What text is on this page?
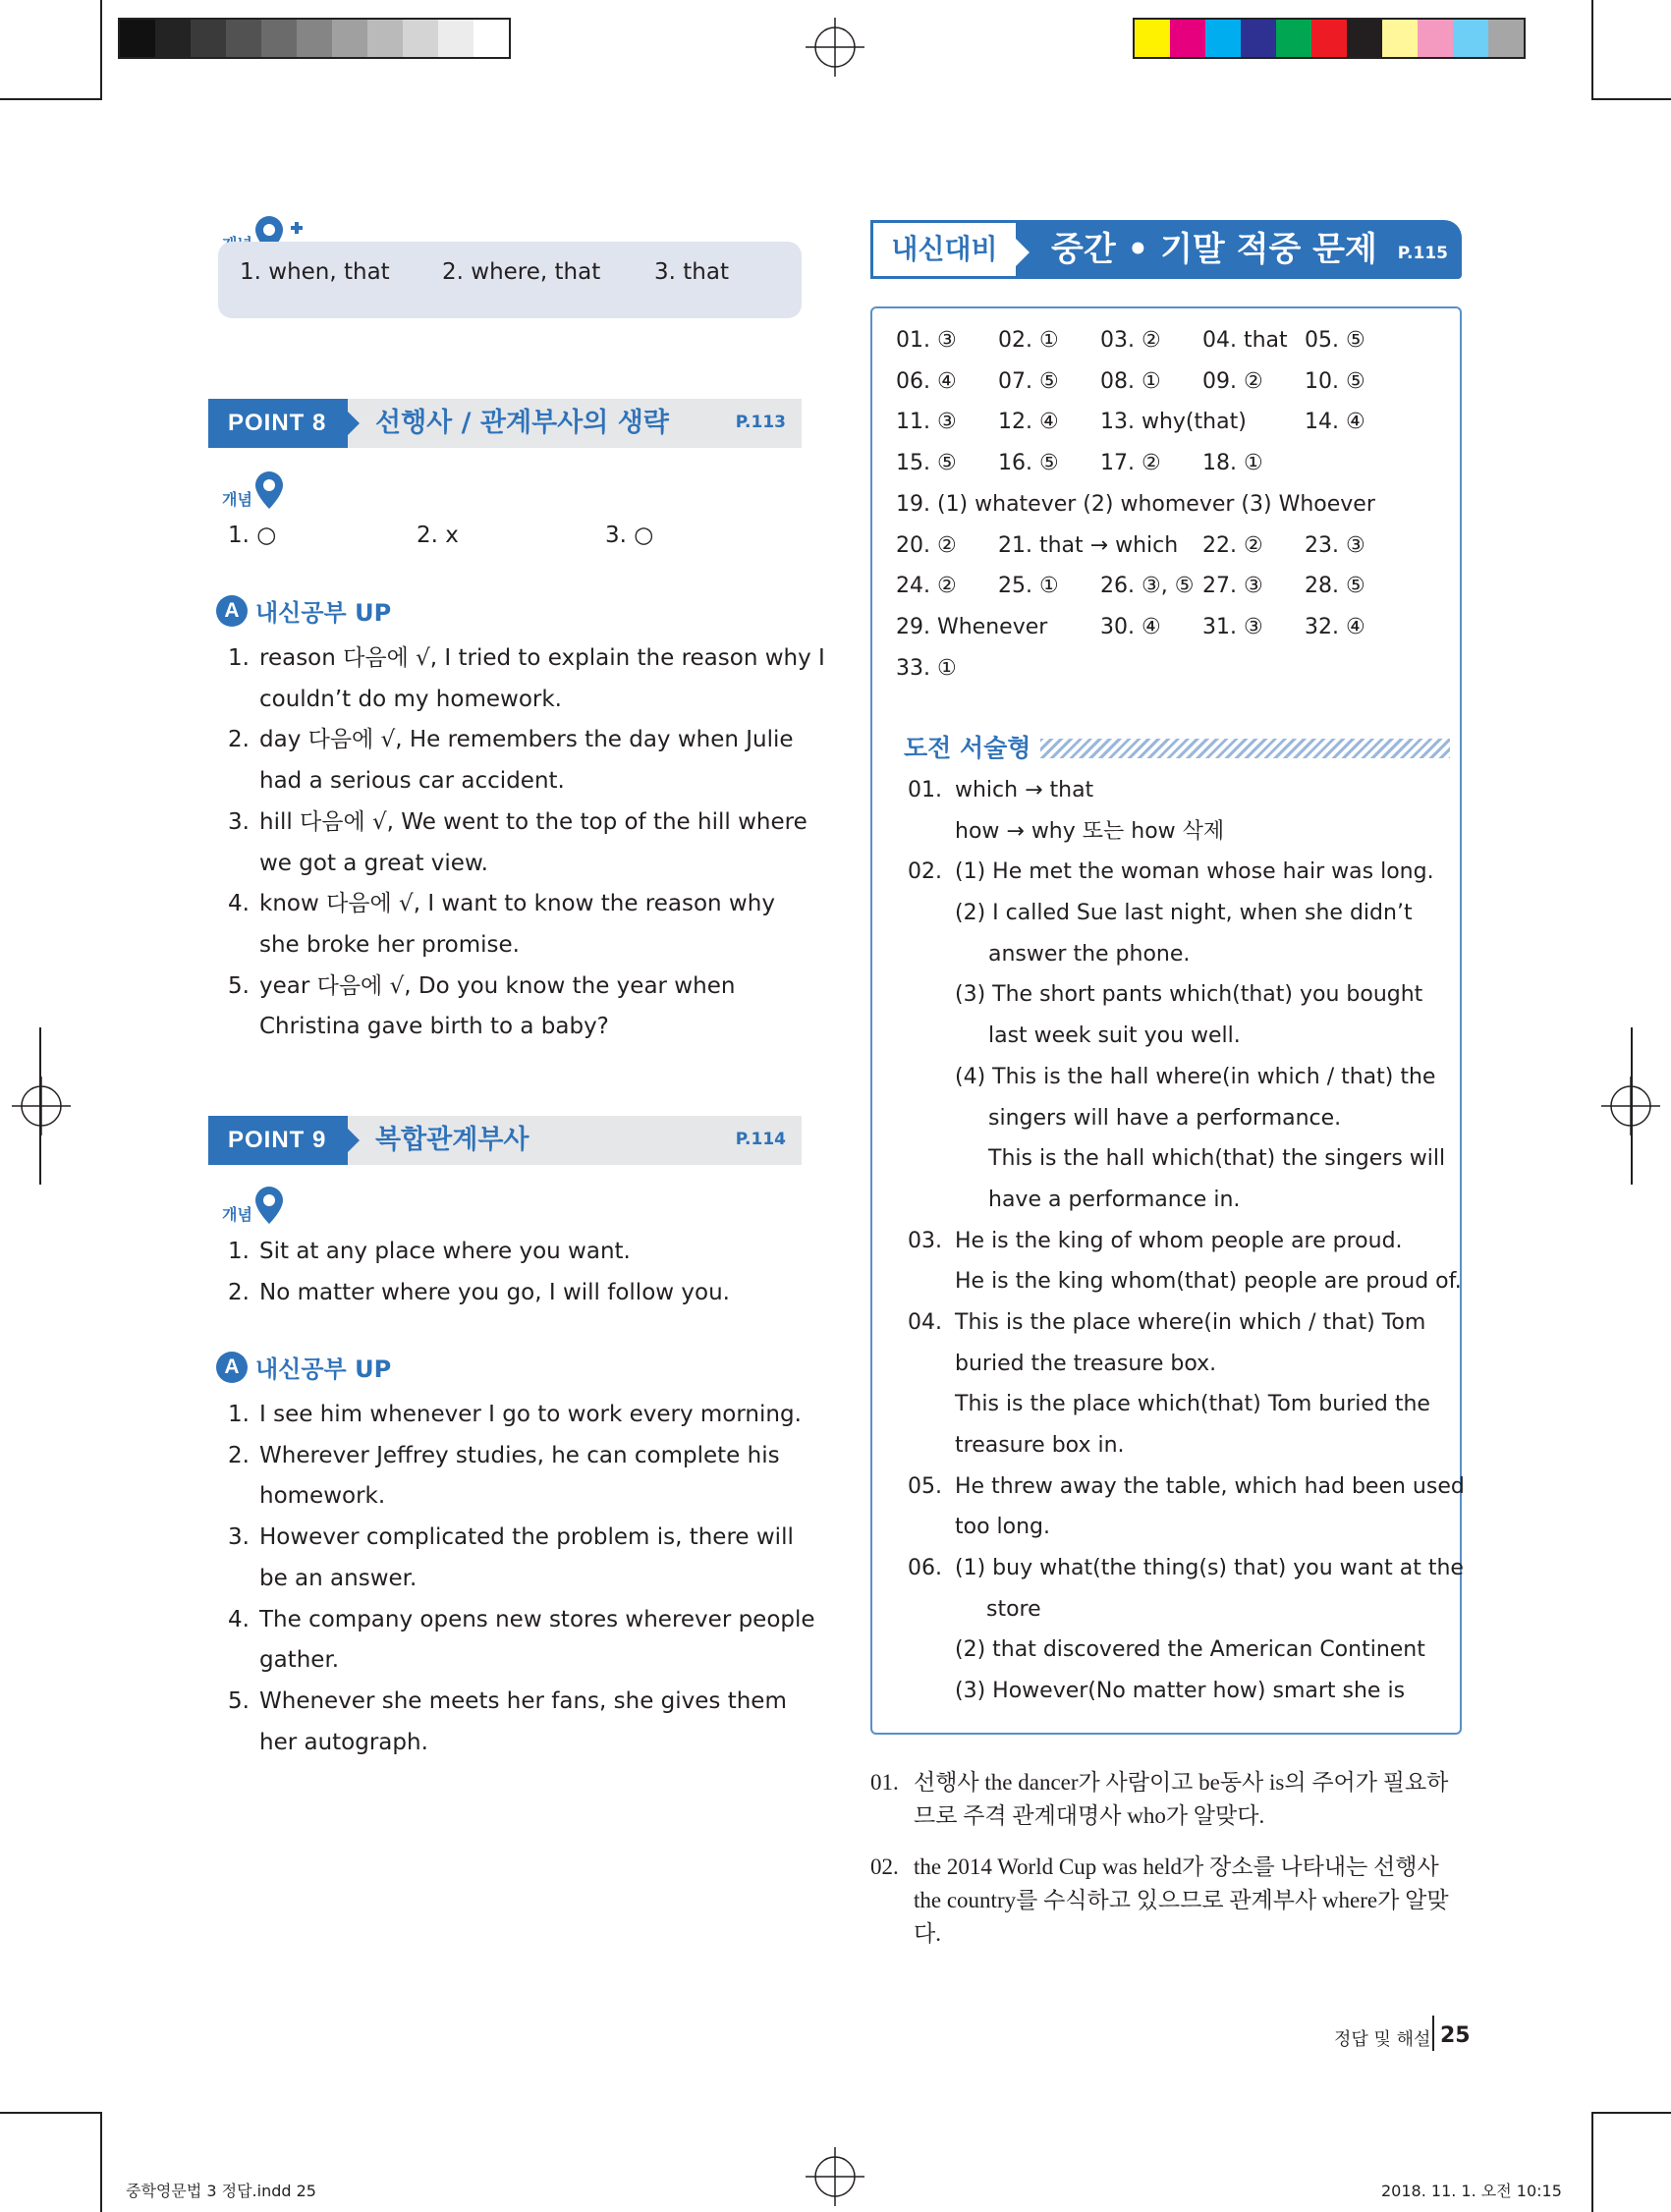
1. when, that 2. where, that 3. that
POINT 8	선행사 / 관계부사의 생략	P.113
개념
1. ○	2. x	3. ○
A 내신공부 UP
1. reason 다음에 √, I tried to explain the reason why I
couldn’t do my homework.
2. day 다음에 √, He remembers the day when Julie
had a serious car accident.
3. hill 다음에 √, We went to the top of the hill where
we got a great view.
4. know 다음에 √, I want to know the reason why
she broke her promise.
5. year 다음에 √, Do you know the year when
Christina gave birth to a baby?
POINT 9	복합관계부사	P.114
개념
1. Sit at any place where you want.
2. No matter where you go, I will follow you.
A 내신공부 UP
1. I see him whenever I go to work every morning.
2. Wherever Jeffrey studies, he can complete his
homework.
3. However complicated the problem is, there will
be an answer.
4. The company opens new stores wherever people
gather.
5. Whenever she meets her fans, she gives them
her autograph.
내신대비	중간 • 기말 적중 문제 P.115
01. ③ 02. ① 03. ② 04. that 05. ⑤
06. ④ 07. ⑤ 08. ① 09. ② 10. ⑤
11. ③ 12. ④ 13. why(that)	14. ④
15. ⑤ 16. ⑤ 17. ② 18. ①
19. (1) whatever (2) whomever (3) Whoever
20. ② 21. that → which 22. ② 23. ③
24. ② 25. ① 26. ③, ⑤ 27. ③ 28. ⑤
29. Whenever 30. ④ 31. ③ 32. ④
33. ①
도전 서술형
01. which → that
how → why 또는 how 삭제
02. (1) He met the woman whose hair was long.
(2) I called Sue last night, when she didn’t
answer the phone.
(3) The short pants which(that) you bought
last week suit you well.
(4) This is the hall where(in which / that) the
singers will have a performance.
This is the hall which(that) the singers will
have a performance in.
03. He is the king of whom people are proud.
He is the king whom(that) people are proud of.
04. This is the place where(in which / that) Tom
buried the treasure box.
This is the place which(that) Tom buried the
treasure box in.
05. He threw away the table, which had been used
too long.
06. (1) buy what(the thing(s) that) you want at the
store
(2) that discovered the American Continent
(3) However(No matter how) smart she is
01. 선행사 the dancer가 사람이고 be동사 is의 주어가 필요하므로 주격 관계대명사 who가 알맞다.
02. the 2014 World Cup was held가 장소를 나타내는 선행사 the country를 수식하고 있으므로 관계부사 where가 알맞다.
정답 및 해설 25
중학영문법 3 정답.indd 25	2018. 11. 1. 오전 10:15
